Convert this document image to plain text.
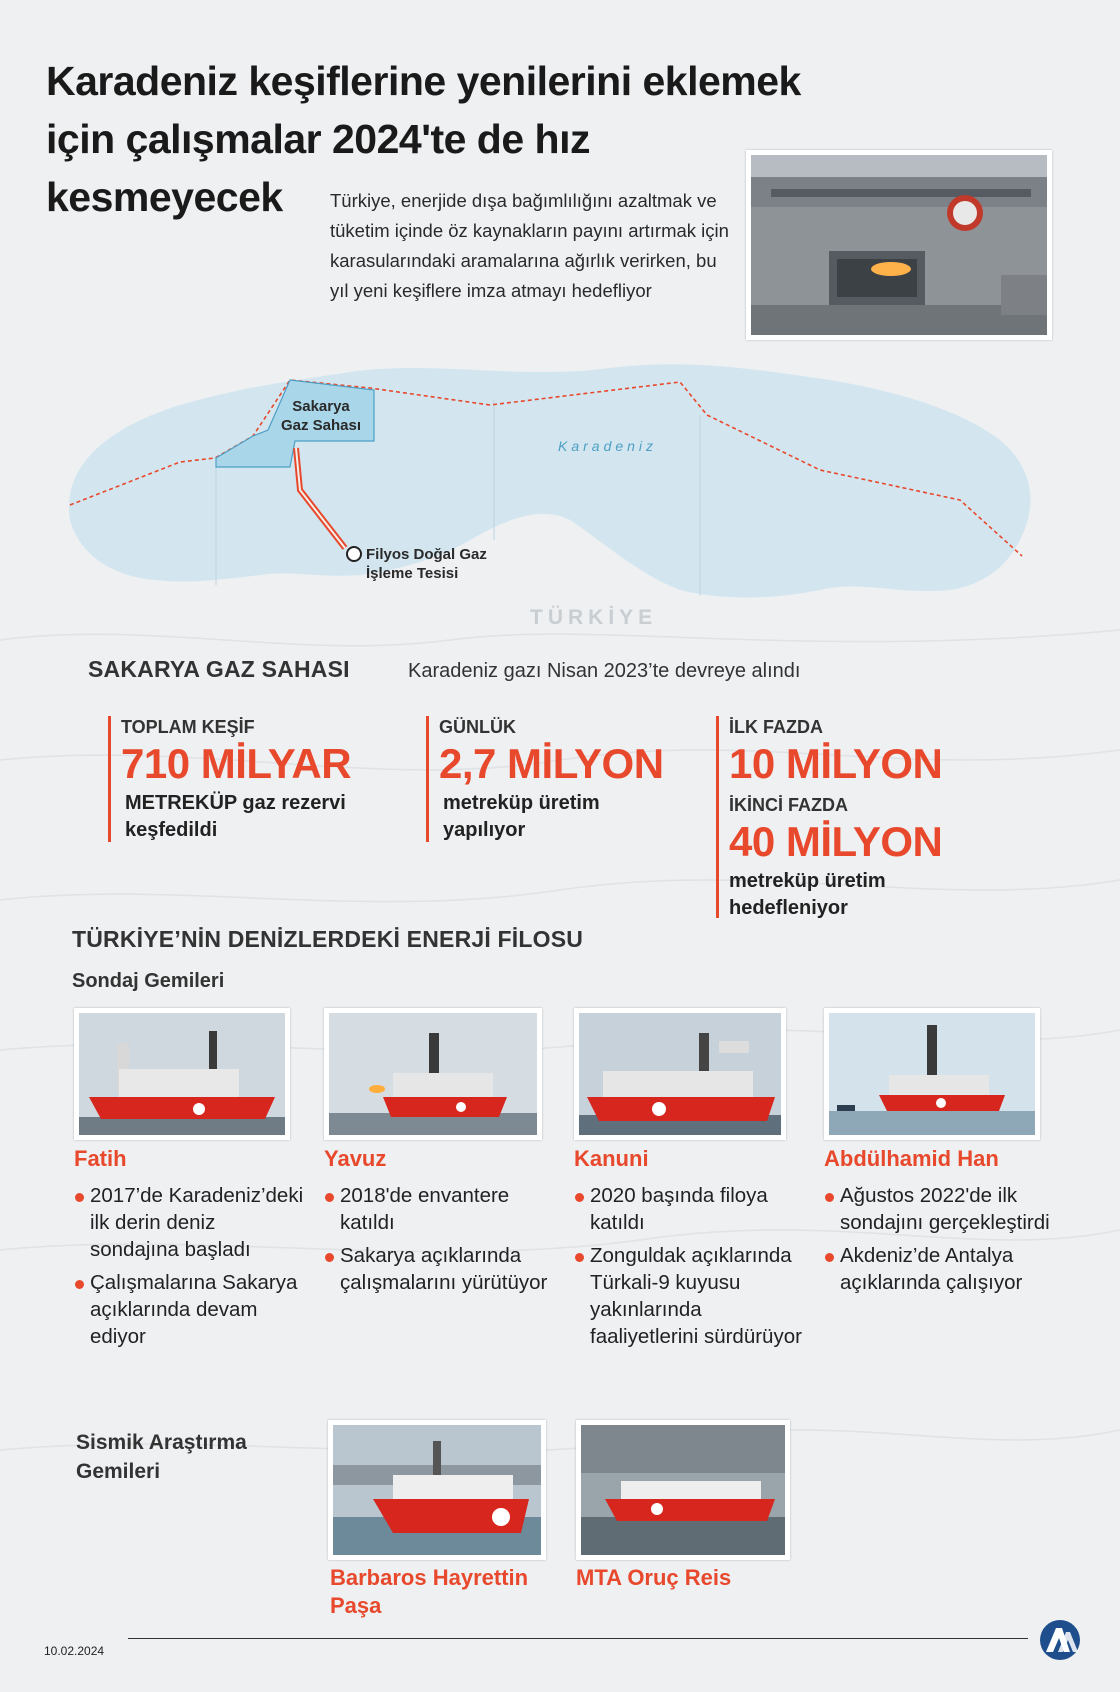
Karadeniz keşiflerine yenilerini eklemek
için çalışmalar 2024'te de hız
kesmeyecek	Türkiye, enerjide dışa bağımlılığını azaltmak ve tüketim içinde öz kaynakların payını artırmak için karasularındaki aramalarına ağırlık verirken, bu yıl yeni keşiflere imza atmayı hedefliyor
Sakarya
Gaz Sahası
Filyos Doğal Gaz
İşleme Tesisi
Karadeniz
TÜRKİYE
SAKARYA GAZ SAHASI	Karadeniz gazı Nisan 2023’te devreye alındı
TOPLAM KEŞİF
710 MİLYAR
METREKÜP gaz rezervi
keşfedildi
GÜNLÜK
2,7 MİLYON
metreküp üretim
yapılıyor
İLK FAZDA
10 MİLYON
İKİNCİ FAZDA
40 MİLYON
metreküp üretim
hedefleniyor
TÜRKİYE’NİN DENİZLERDEKİ ENERJİ FİLOSU
Sondaj Gemileri
Fatih
2017’de Karadeniz’deki ilk derin deniz sondajına başladı
Çalışmalarına Sakarya açıklarında devam ediyor
Yavuz
2018'de envantere katıldı
Sakarya açıklarında çalışmalarını yürütüyor
Kanuni
2020 başında filoya katıldı
Zonguldak açıklarında Türkali-9 kuyusu yakınlarında faaliyetlerini sürdürüyor
Abdülhamid Han
Ağustos 2022'de ilk sondajını gerçekleştirdi
Akdeniz’de Antalya açıklarında çalışıyor
Sismik Araştırma
Gemileri
Barbaros Hayrettin
Paşa
MTA Oruç Reis
10.02.2024
